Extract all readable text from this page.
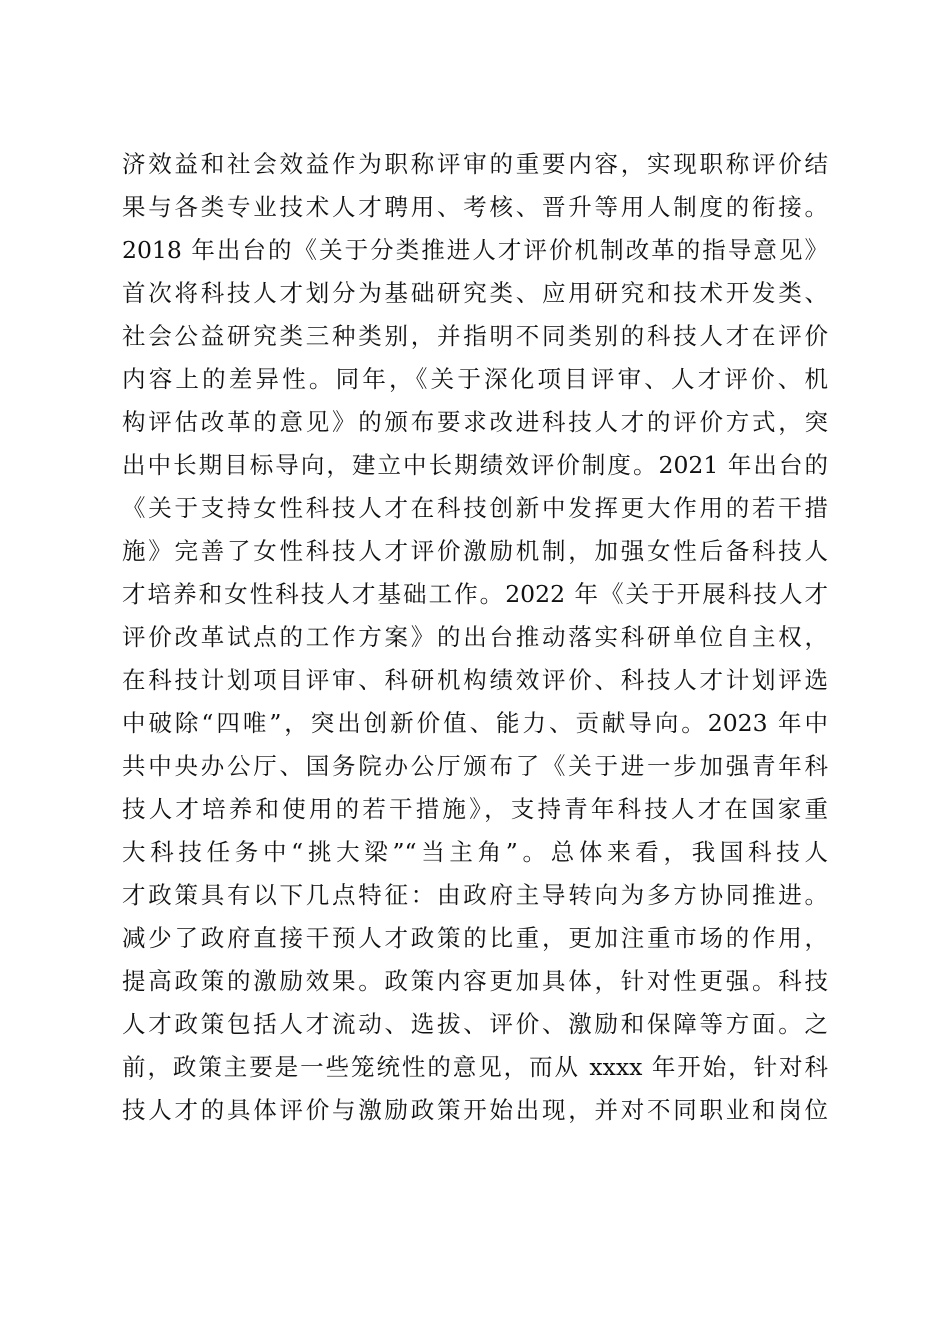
济效益和社会效益作为职称评审的重要内容，实现职称评价结
果与各类专业技术人才聘用、考核、晋升等用人制度的衔接。
2018 年出台的《关于分类推进人才评价机制改革的指导意见》
首次将科技人才划分为基础研究类、应用研究和技术开发类、
社会公益研究类三种类别，并指明不同类别的科技人才在评价
内容上的差异性。同年，《关于深化项目评审、人才评价、机
构评估改革的意见》的颁布要求改进科技人才的评价方式，突
出中长期目标导向，建立中长期绩效评价制度。2021 年出台的
《关于支持女性科技人才在科技创新中发挥更大作用的若干措
施》完善了女性科技人才评价激励机制，加强女性后备科技人
才培养和女性科技人才基础工作。2022 年《关于开展科技人才
评价改革试点的工作方案》的出台推动落实科研单位自主权，
在科技计划项目评审、科研机构绩效评价、科技人才计划评选
中破除“四唯”，突出创新价值、能力、贡献导向。2023 年中
共中央办公厅、国务院办公厅颁布了《关于进一步加强青年科
技人才培养和使用的若干措施》，支持青年科技人才在国家重
大科技任务中“挑大梁”“当主角”。总体来看，我国科技人
才政策具有以下几点特征：由政府主导转向为多方协同推进。
减少了政府直接干预人才政策的比重，更加注重市场的作用，
提高政策的激励效果。政策内容更加具体，针对性更强。科技
人才政策包括人才流动、选拔、评价、激励和保障等方面。之
前，政策主要是一些笼统性的意见，而从 xxxx 年开始，针对科
技人才的具体评价与激励政策开始出现，并对不同职业和岗位
